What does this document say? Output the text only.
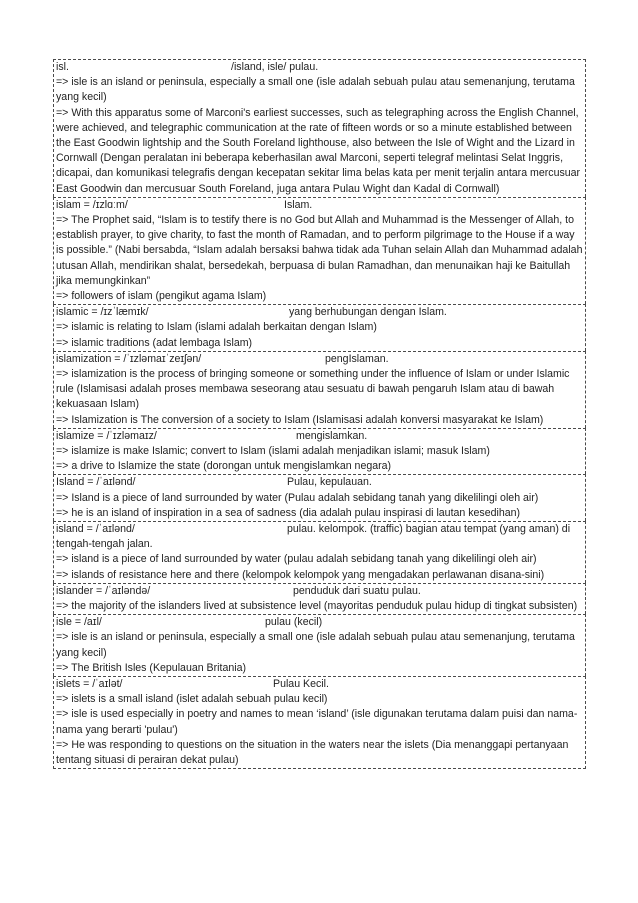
isl.	/island, isle/ pulau.
=> isle is an island or peninsula, especially a small one (isle adalah sebuah pulau atau semenanjung, terutama yang kecil)
=> With this apparatus some of Marconi's earliest successes, such as telegraphing across the English Channel, were achieved, and telegraphic communication at the rate of fifteen words or so a minute established between the East Goodwin lightship and the South Foreland lighthouse, also between the Isle of Wight and the Lizard in Cornwall (Dengan peralatan ini beberapa keberhasilan awal Marconi, seperti telegraf melintasi Selat Inggris, dicapai, dan komunikasi telegrafis dengan kecepatan sekitar lima belas kata per menit terjalin antara mercusuar East Goodwin dan mercusuar South Foreland, juga antara Pulau Wight dan Kadal di Cornwall)
islam = /ɪzlɑːm/	Islam.
=> The Prophet said, “Islam is to testify there is no God but Allah and Muhammad is the Messenger of Allah, to establish prayer, to give charity, to fast the month of Ramadan, and to perform pilgrimage to the House if a way is possible.” (Nabi bersabda, “Islam adalah bersaksi bahwa tidak ada Tuhan selain Allah dan Muhammad adalah utusan Allah, mendirikan shalat, bersedekah, berpuasa di bulan Ramadhan, dan menunaikan haji ke Baitullah jika memungkinkan”
=> followers of islam (pengikut agama Islam)
islamic = /ɪzˈlæmɪk/	yang berhubungan dengan Islam.
=> islamic is relating to Islam (islami adalah berkaitan dengan Islam)
=> islamic traditions (adat lembaga Islam)
islamization = /ˈɪzləmaɪˈzeɪʃən/	pengIslaman.
=> islamization is the process of bringing someone or something under the influence of Islam or under Islamic rule (Islamisasi adalah proses membawa seseorang atau sesuatu di bawah pengaruh Islam atau di bawah kekuasaan Islam)
=> Islamization is The conversion of a society to Islam (Islamisasi adalah konversi masyarakat ke Islam)
islamize = /ˈɪzləmaɪz/	mengislamkan.
=> islamize is make Islamic; convert to Islam (islami adalah menjadikan islami; masuk Islam)
=> a drive to Islamize the state (dorongan untuk mengislamkan negara)
Island = /ˈaɪlənd/	Pulau, kepulauan.
=> Island is a piece of land surrounded by water (Pulau adalah sebidang tanah yang dikelilingi oleh air)
=> he is an island of inspiration in a sea of sadness (dia adalah pulau inspirasi di lautan kesedihan)
island = /ˈaɪlənd/	pulau. kelompok. (traffic) bagian atau tempat (yang aman) di
tengah-tengah jalan.
=> island is a piece of land surrounded by water (pulau adalah sebidang tanah yang dikelilingi oleh air)
=> islands of resistance here and there (kelompok kelompok yang mengadakan perlawanan disana-sini)
islander = /ˈaɪləndə/	penduduk dari suatu pulau.
=> the majority of the islanders lived at subsistence level (mayoritas penduduk pulau hidup di tingkat subsisten)
isle = /aɪl/	pulau (kecil)
=> isle is an island or peninsula, especially a small one (isle adalah sebuah pulau atau semenanjung, terutama yang kecil)
=> The British Isles (Kepulauan Britania)
islets = /ˈaɪlət/	Pulau Kecil.
=> islets is a small island (islet adalah sebuah pulau kecil)
=> isle is used especially in poetry and names to mean ‘island’ (isle digunakan terutama dalam puisi dan nama-nama yang berarti 'pulau')
=> He was responding to questions on the situation in the waters near the islets (Dia menanggapi pertanyaan tentang situasi di perairan dekat pulau)
